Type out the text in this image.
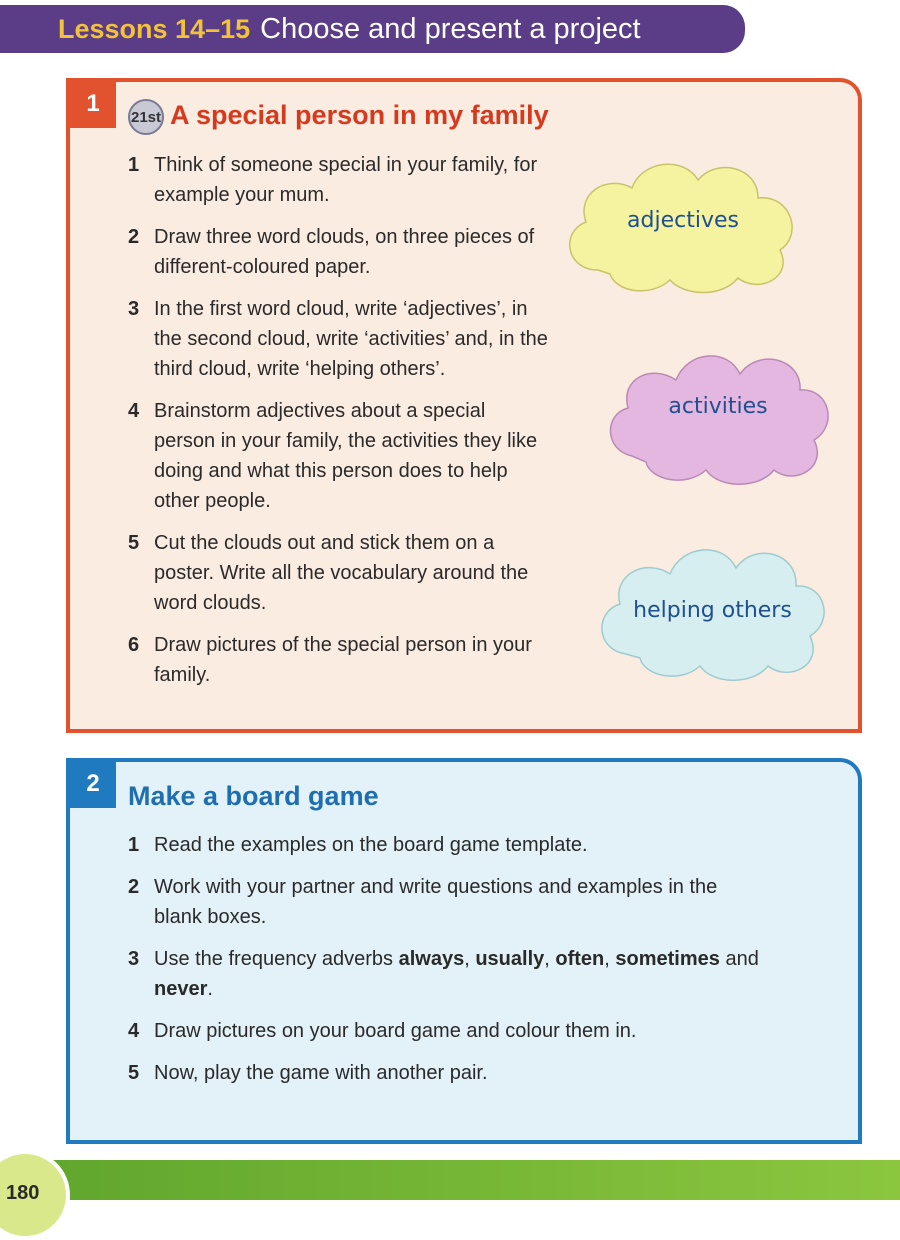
Lessons 14–15 Choose and present a project
1	21st A special person in my family
1 Think of someone special in your family, for example your mum.
2 Draw three word clouds, on three pieces of different-coloured paper.
3 In the first word cloud, write ‘adjectives’, in the second cloud, write ‘activities’ and, in the third cloud, write ‘helping others’.
4 Brainstorm adjectives about a special person in your family, the activities they like doing and what this person does to help other people.
5 Cut the clouds out and stick them on a poster. Write all the vocabulary around the word clouds.
6 Draw pictures of the special person in your family.
adjectives
activities
helping others
2	Make a board game
1 Read the examples on the board game template.
2 Work with your partner and write questions and examples in the blank boxes.
3 Use the frequency adverbs always, usually, often, sometimes and never.
4 Draw pictures on your board game and colour them in.
5 Now, play the game with another pair.
180
